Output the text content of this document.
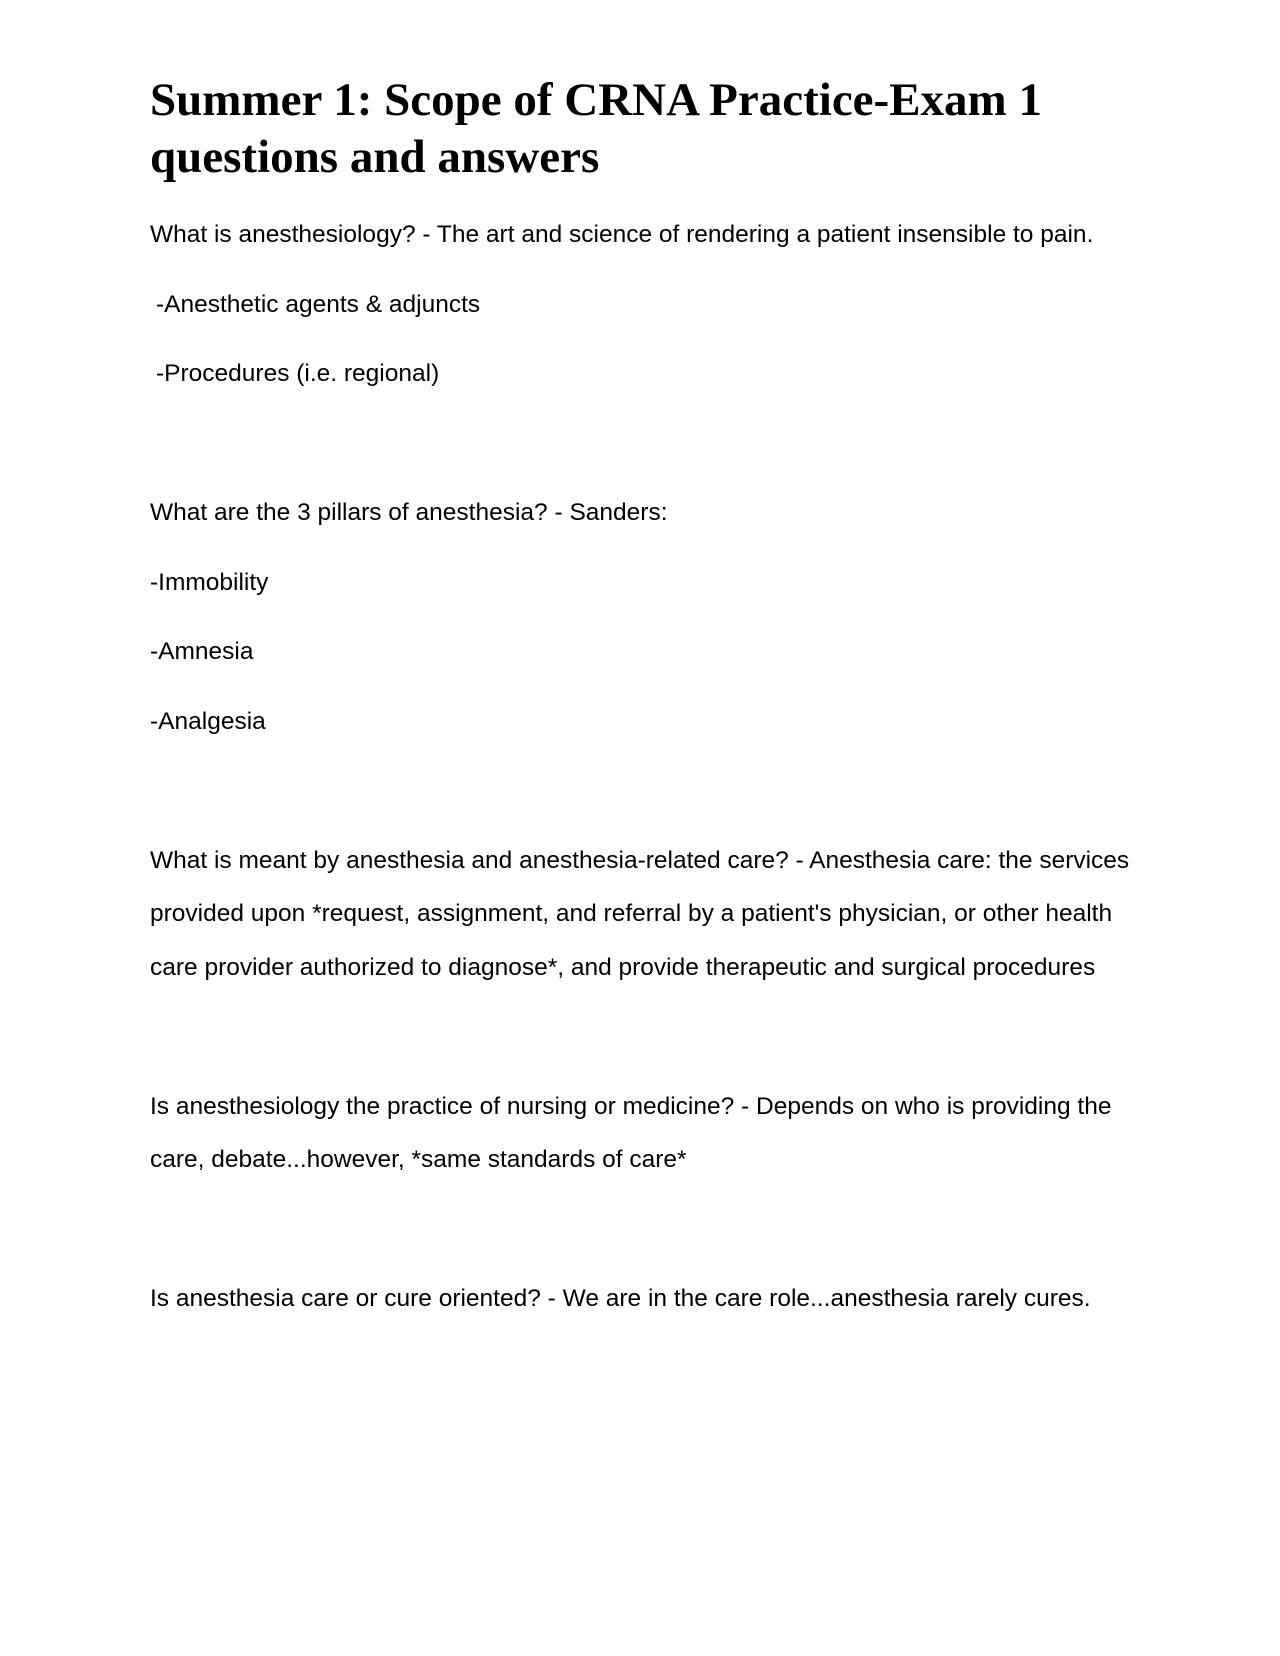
Summer 1: Scope of CRNA Practice-Exam 1 questions and answers

What is anesthesiology? - The art and science of rendering a patient insensible to pain.

-Anesthetic agents & adjuncts

-Procedures (i.e. regional)

What are the 3 pillars of anesthesia? - Sanders:

-Immobility

-Amnesia

-Analgesia

What is meant by anesthesia and anesthesia-related care? - Anesthesia care: the services provided upon *request, assignment, and referral by a patient's physician, or other health care provider authorized to diagnose*, and provide therapeutic and surgical procedures

Is anesthesiology the practice of nursing or medicine? - Depends on who is providing the care, debate...however, *same standards of care*

Is anesthesia care or cure oriented? - We are in the care role...anesthesia rarely cures.
